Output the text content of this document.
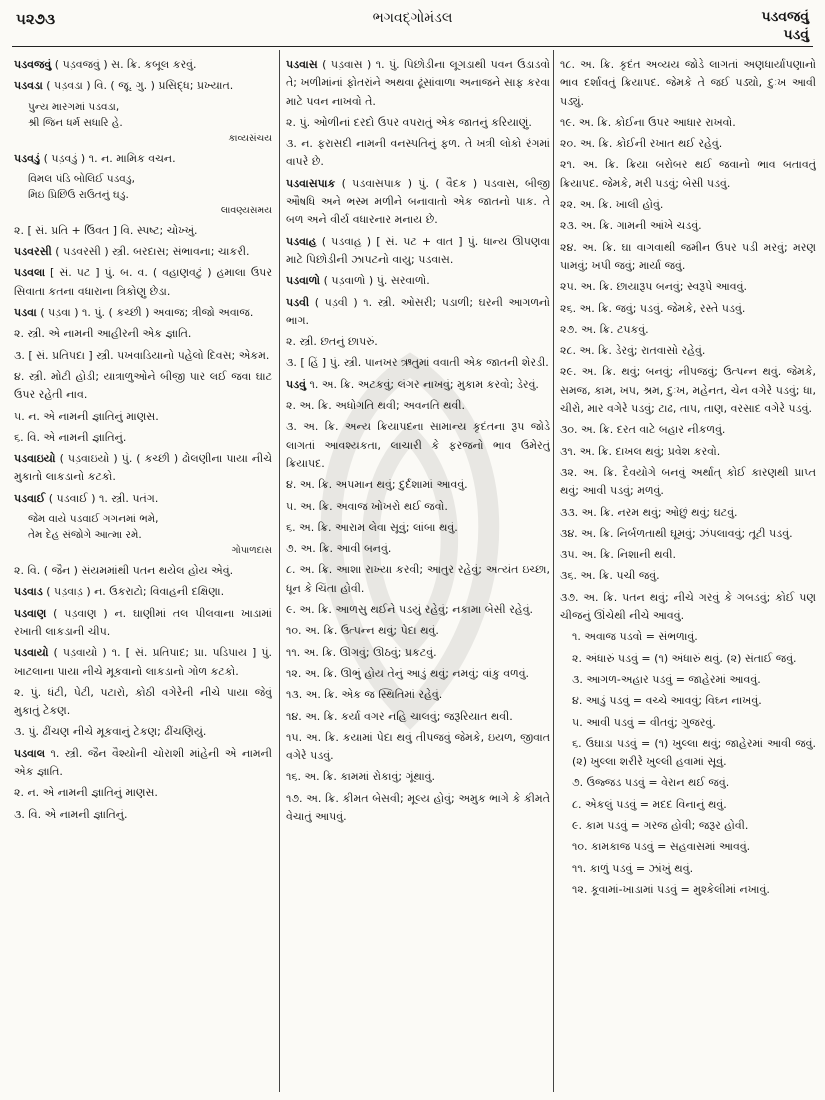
૫૨૭૩	ભગવદ્ગોમંડલ	પડવજવું
પડવું
પડવજવું ( પડ઼વજવું ) સ. ક્રિ. કબૂલ કરવું.
પડવડા ( પડ઼વડા ) વિ. ( જૂ. ગુ. ) પ્રસિદ્ધ; પ્રખ્યાત.
પુન્ય મારગમાં પડવડા,
શ્રી જિન ધર્મ સધારિ હે.
કાવ્યસંચય
પડવડું ( પડ઼વડું ) ૧. ન. મામિક વચન.
વિમલ પંડિ બોલિઈ પડવડુ,
મિઇ પ્રિછિઉ રાઉતનું ઘડુ.
લાવણ્યસમય
૨. [ સં. પ્રતિ + ઉિવત ] વિ. સ્પષ્ટ; ચોખ્ખું.
પડવરસી ( પડવરસી ) સ્ત્રી. બરદાસ; સંભાવના; ચાકરી.
પડવલા [ સં. પટ ] પું. બ. વ. ( વહાણવટું ) હમાલા ઉપર સિવાતા કતના વધારાના ત્રિકોણુ છેડા.
પડવા ( પડ઼વા ) ૧. પું. ( કચ્છી ) અવાજ; ત્રીજો અવાજ.
૨. સ્ત્રી. એ નામની આહીરની એક જ્ઞાતિ.
૩. [ સં. પ્રતિપદા ] સ્ત્રી. પખવાડિયાનો પહેલો દિવસ; એકમ.
૪. સ્ત્રી. મોટી હોડી; યાત્રાળુઓને બીજી પાર લઈ જવા ઘાટ ઉપર રહેતી નાવ.
૫. ન. એ નામની જ્ઞાતિનું માણસ.
૬. વિ. એ નામની જ્ઞાતિનું.
પડવાઇયો ( પડ઼વાઇયો ) પું. ( કચ્છી ) ઢોલણીના પાયા નીચે મુકાતો લાકડાનો કટકો.
પડવાઈ ( પડવાઈ ) ૧. સ્ત્રી. પતંગ.
જેમ વાયે પડવાઈ ગગનમાં ભમે,
તેમ દેહ સંજોગે આત્મા રમે.
ગોપાળદાસ
૨. વિ. ( જૈન ) સંયમમાંથી પતન થયેલ હોય એવું.
પડવાડ ( પડ઼વાડ઼ ) ન. ઉકરાટો; વિવાહની દક્ષિણા.
પડવાણ ( પડ઼વાણ ) ન. ઘાણીમાં તલ પીલવાના ખાડામાં રખાતી લાકડાની ચીપ.
પડવાયો ( પડ઼વાયો ) ૧. [ સં. પ્રતિપાદ; પ્રા. પડિપાય ] પું. ખાટલાના પાયા નીચે મૂકવાનો લાકડાનો ગોળ કટકો.
૨. પું. ધંટી, પેટી, પટારો, કોઠી વગેરેની નીચે પાયા જેવું મુકાતું ટેકણ.
૩. પું. ઢીંચણ નીચે મૂકવાનું ટેકણ; ઢીંચણિયું.
પડવાલ ૧. સ્ત્રી. જૈન વૈશ્યોની ચોરાશી માંહેની એ નામની એક જ્ઞાતિ.
૨. ન. એ નામની જ્ઞાતિનું માણસ.
૩. વિ. એ નામની જ્ઞાતિનું.
પડવાસ ( પડ઼વાસ ) ૧. પું. પિછોડીના લૂગડાથી પવન ઉડાડવો તે; ખળીમાંનાં ફોતરાંને અથવા ઢૂંસાંવાળા અનાજને સાફ કરવા માટે પવન નાખવો તે.
૨. પું. ઓળીનાં દરદો ઉપર વપરાતું એક જાતનું કરિયાણું.
૩. ન. ફરાસદી નામની વનસ્પતિનું ફળ. તે ખત્રી લોકો રંગમાં વાપરે છે.
પડવાસપાક ( પડવાસપાક ) પું. ( વૈદક ) પડવાસ, બીજી ઔષધિ અને ભસ્મ મળીને બનાવાતો એક જાતનો પાક. તે બળ અને વીર્ય વધારનાર મનાય છે.
પડવાહ ( પડવાહ઼ ) [ સં. પટ + વાત ] પું. ધાન્ય ઊપણવા માટે પિછોડીની ઝાપટનો વાયુ; પડવાસ.
પડવાળો ( પડ઼વાળો ) પું. સરવાળો.
પડવી ( પડ઼વી ) ૧. સ્ત્રી. ઓસરી; પડાળી; ઘરની આગળનો ભાગ.
૨. સ્ત્રી. છતનું છાપરું.
૩. [ હિં ] પું. સ્ત્રી. પાનખર ઋતુમાં વવાતી એક જાતની શેરડી.
પડવું ૧. અ. ક્રિ. અટકવું; લંગર નાખવું; મુકામ કરવો; ડેરવું.
૨. અ. ક્રિ. અધોગતિ થવી; અવનતિ થવી.
૩. અ. ક્રિ. અન્ય ક્રિયાપદના સામાન્ય કૃદંતના રૂપ જોડે લાગતાં આવશ્યકતા, લાચારી કે ફરજનો ભાવ ઉમેરતું ક્રિયાપદ.
૪. અ. ક્રિ. અપમાન થવું; દુર્દશામાં આવવું.
૫. અ. ક્રિ. અવાજ ખોખરો થઈ જવો.
૬. અ. ક્રિ. આરામ લેવા સૂવું; લાંબા થવું.
૭. અ. ક્રિ. આવી બનવું.
૮. અ. ક્રિ. આશા રાખ્યા કરવી; આતુર રહેવું; અત્યંત ઇચ્છા, ધૂન કે ચિંતા હોવી.
૯. અ. ક્રિ. આળસુ થઈને પડયું રહેવું; નકામા બેસી રહેવું.
૧૦. અ. ક્રિ. ઉત્પન્ન થવું; પેદા થવું.
૧૧. અ. ક્રિ. ઊગવું; ઊઠવું; પ્રકટવું.
૧૨. અ. ક્રિ. ઊભું હોય તેનું આડું થવું; નમવું; વાંકુ વળવું.
૧૩. અ. ક્રિ. એક જ સ્થિતિમાં રહેવું.
૧૪. અ. ક્રિ. કર્યા વગર નહિ ચાલવું; જરૂરિયાત થવી.
૧૫. અ. ક્રિ. કયામાં પેદા થવું તીપજવું જેમકે, ઇયળ, જીવાત વગેરે પડવું.
૧૬. અ. ક્રિ. કામમાં રોકાવું; ગૂંથાવું.
૧૭. અ. ક્રિ. કીમત બેસવી; મૂલ્ય હોવું; અમુક ભાગે કે કીમતે વેચાતું આપવું.
૧૮. અ. ક્રિ. કૃદંત અવ્યય જોડે લાગતાં અણધાર્યાપણાનો ભાવ દર્શાવતું ક્રિયાપદ. જેમકે તે જઈ પડ્યો, દુઃખ આવી પડ્યું.
૧૯. અ. ક્રિ. કોઈના ઉપર આધાર રાખવો.
૨૦. અ. ક્રિ. કોઈની રખાત થઈ રહેવું.
૨૧. અ. ક્રિ. ક્રિયા બરોબર થઈ જવાનો ભાવ બતાવતું ક્રિયાપદ. જેમકે, મરી પડવું; બેસી પડવું.
૨૨. અ. ક્રિ. ખાલી હોવું.
૨૩. અ. ક્રિ. ગામની આંખે ચડવું.
૨૪. અ. ક્રિ. ઘા વાગવાથી જમીન ઉપર પડી મરવું; મરણ પામવું; ખપી જવું; માર્યા જવું.
૨૫. અ. ક્રિ. છાયારૂપ બનવું; સ્વરૂપે આવવું.
૨૬. અ. ક્રિ. જવું; પડવું. જેમકે, રસ્તે પડવું.
૨૭. અ. ક્રિ. ટપકવું.
૨૮. અ. ક્રિ. ડેરવું; રાતવાસો રહેવું.
૨૯. અ. ક્રિ. થવું; બનવું; નીપજવું; ઉત્પન્ન થવું. જેમકે, સમજ, કામ, ખપ, શ્રમ, દુઃખ, મહેનત, ચેન વગેરે પડવું; ધા, ચીરો, માર વગેરે પડવું; ટાઢ, તાપ, તાણ, વરસાદ વગેરે પડવું.
૩૦. અ. ક્રિ. દરત વાટે બહાર નીકળવું.
૩૧. અ. ક્રિ. દાખલ થવું; પ્રવેશ કરવો.
૩૨. અ. ક્રિ. દૈવયોગે બનવું અર્થાત્ કોઈ કારણથી પ્રાપ્ત થવું; આવી પડવું; મળવું.
૩૩. અ. ક્રિ. નરમ થવું; ઓછું થવું; ઘટવું.
૩૪. અ. ક્રિ. નિર્બળતાથી ઘૂમવું; ઝંપલાવવું; તૂટી પડવું.
૩૫. અ. ક્રિ. નિશાની થવી.
૩૬. અ. ક્રિ. પચી જવું.
૩૭. અ. ક્રિ. પતન થવું; નીચે ગરવું કે ગબડવું; કોઈ પણ ચીજનું ઊંચેથી નીચે આવવું.
૧. અવાજ પડવો = સંભળાવું.
૨. અંધારું પડવું = (૧) અંધારું થવું. (૨) સંતાઈ જવું.
૩. આગળ-અહાર પડવું = જાહેરમાં આવવું.
૪. આડું પડવું = વચ્ચે આવવું; વિઘ્ન નાખવું.
૫. આવી પડવું = વીતવું; ગુજરવું.
૬. ઉઘાડા પડવું = (૧) ખુલ્લા થવું; જાહેરમાં આવી જવું. (૨) ખુલ્લા શરીરે ખુલ્લી હવામાં સૂવું.
૭. ઉજ્જડ પડવું = વેરાન થઈ જવું.
૮. એકલું પડવું = મદદ વિનાનું થવું.
૯. કામ પડવું = ગરજ હોવી; જરૂર હોવી.
૧૦. કામકાજ પડવું = સહવાસમાં આવવું.
૧૧. કાળું પડવું = ઝાંખું થવું.
૧૨. કૂવામાં-ખાડામાં પડવું = મુશ્કેલીમાં નખાવું.
